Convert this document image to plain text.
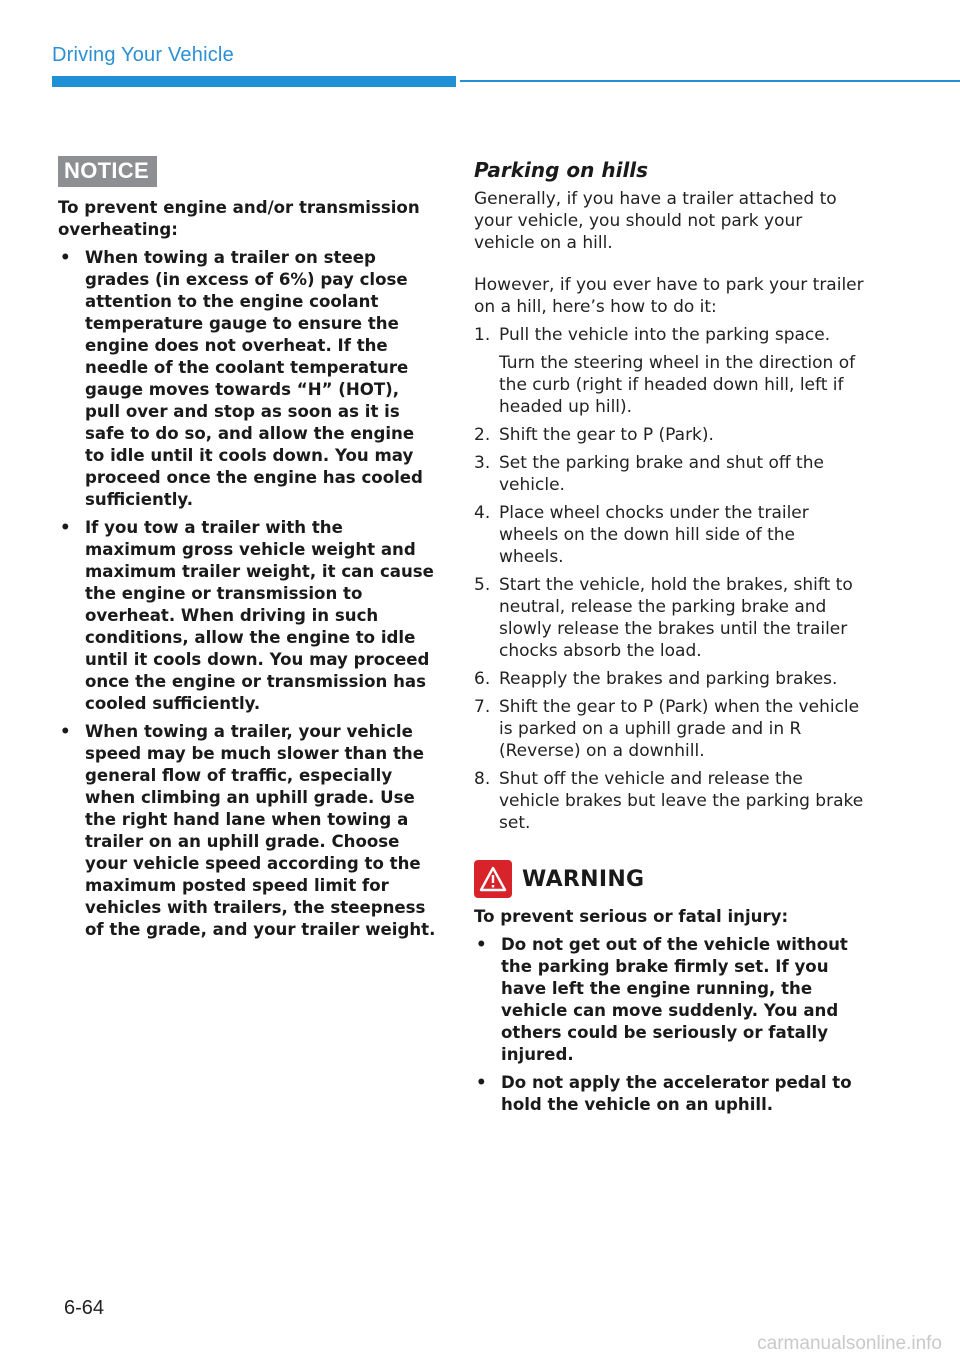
Driving Your Vehicle
NOTICE
To prevent engine and/or transmission overheating:
• When towing a trailer on steep grades (in excess of 6%) pay close attention to the engine coolant temperature gauge to ensure the engine does not overheat. If the needle of the coolant temperature gauge moves towards “H” (HOT), pull over and stop as soon as it is safe to do so, and allow the engine to idle until it cools down. You may proceed once the engine has cooled sufficiently.
• If you tow a trailer with the maximum gross vehicle weight and maximum trailer weight, it can cause the engine or transmission to overheat. When driving in such conditions, allow the engine to idle until it cools down. You may proceed once the engine or transmission has cooled sufficiently.
• When towing a trailer, your vehicle speed may be much slower than the general flow of traffic, especially when climbing an uphill grade. Use the right hand lane when towing a trailer on an uphill grade. Choose your vehicle speed according to the maximum posted speed limit for vehicles with trailers, the steepness of the grade, and your trailer weight.
Parking on hills
Generally, if you have a trailer attached to your vehicle, you should not park your vehicle on a hill.
However, if you ever have to park your trailer on a hill, here’s how to do it:
1. Pull the vehicle into the parking space.
Turn the steering wheel in the direction of the curb (right if headed down hill, left if headed up hill).
2. Shift the gear to P (Park).
3. Set the parking brake and shut off the vehicle.
4. Place wheel chocks under the trailer wheels on the down hill side of the wheels.
5. Start the vehicle, hold the brakes, shift to neutral, release the parking brake and slowly release the brakes until the trailer chocks absorb the load.
6. Reapply the brakes and parking brakes.
7. Shift the gear to P (Park) when the vehicle is parked on a uphill grade and in R (Reverse) on a downhill.
8. Shut off the vehicle and release the vehicle brakes but leave the parking brake set.
WARNING
To prevent serious or fatal injury:
• Do not get out of the vehicle without the parking brake firmly set. If you have left the engine running, the vehicle can move suddenly. You and others could be seriously or fatally injured.
• Do not apply the accelerator pedal to hold the vehicle on an uphill.
6-64
carmanualsonline.info
